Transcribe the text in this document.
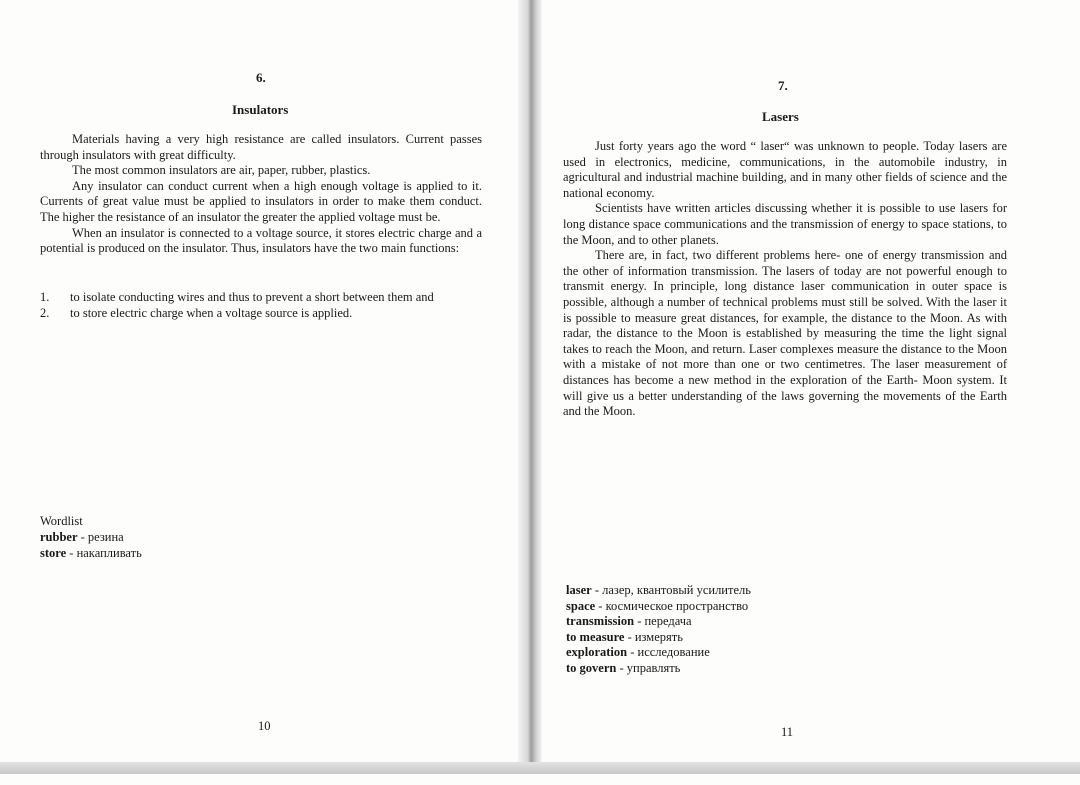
6.
Insulators

Materials having a very high resistance are called insulators. Current passes through insulators with great difficulty.

The most common insulators are air, paper, rubber, plastics.

Any insulator can conduct current when a high enough voltage is applied to it. Currents of great value must be applied to insulators in order to make them conduct. The higher the resistance of an insulator the greater the applied voltage must be.

When an insulator is connected to a voltage source, it stores electric charge and a potential is produced on the insulator. Thus, insulators have the two main functions:

1.	to isolate conducting wires and thus to prevent a short between them and
2.	to store electric charge when a voltage source is applied.
Wordlist
rubber - резина
store - накапливать
10
7.
Lasers

Just forty years ago the word “ laser“ was unknown to people. Today lasers are used in electronics, medicine, communications, in the automobile industry, in agricultural and industrial machine building, and in many other fields of science and the national economy.

Scientists have written articles discussing whether it is possible to use lasers for long distance space communications and the transmission of energy to space stations, to the Moon, and to other planets.

There are, in fact, two different problems here- one of energy transmission and the other of information transmission. The lasers of today are not powerful enough to transmit energy. In principle, long distance laser communication in outer space is possible, although a number of technical problems must still be solved. With the laser it is possible to measure great distances, for example, the distance to the Moon. As with radar, the distance to the Moon is established by measuring the time the light signal takes to reach the Moon, and return. Laser complexes measure the distance to the Moon with a mistake of not more than one or two centimetres. The laser measurement of distances has become a new method in the exploration of the Earth- Moon system. It will give us a better understanding of the laws governing the movements of the Earth and the Moon.

laser - лазер, квантовый усилитель
space - космическое пространство
transmission - передача
to measure - измерять
exploration - исследование
to govern - управлять
11
